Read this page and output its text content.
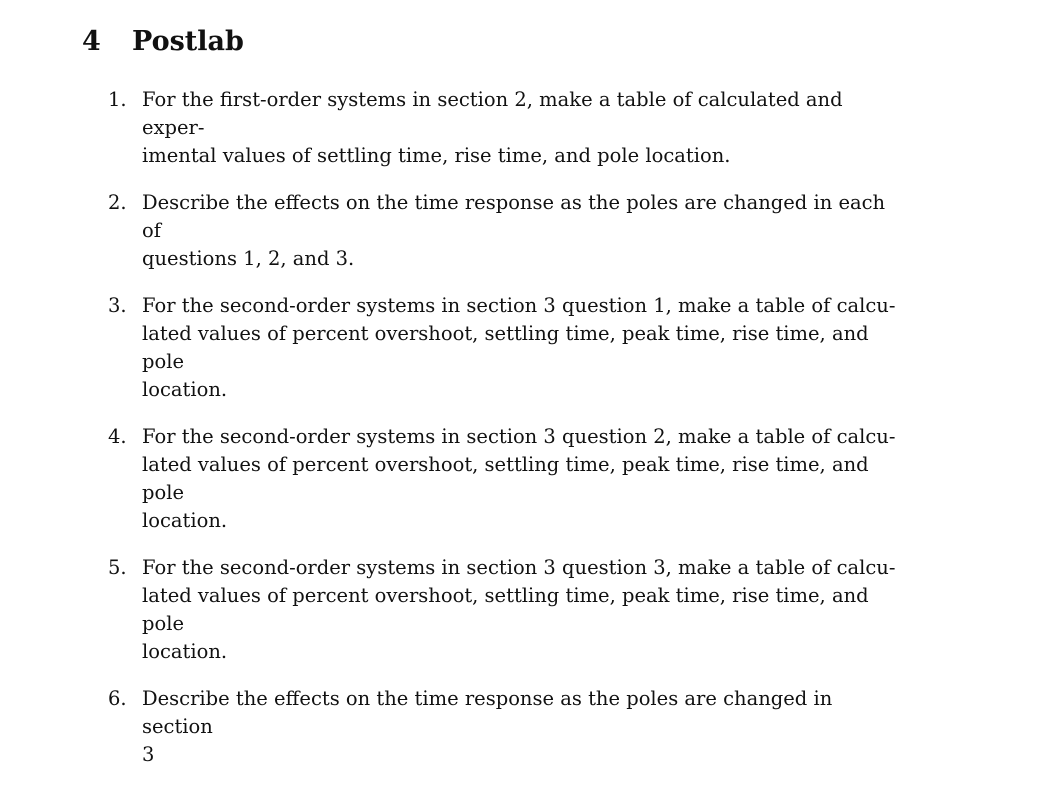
4 Postlab
1. For the first-order systems in section 2, make a table of calculated and exper-
imental values of settling time, rise time, and pole location.
2. Describe the effects on the time response as the poles are changed in each of
questions 1, 2, and 3.
3. For the second-order systems in section 3 question 1, make a table of calcu-
lated values of percent overshoot, settling time, peak time, rise time, and pole
location.
4. For the second-order systems in section 3 question 2, make a table of calcu-
lated values of percent overshoot, settling time, peak time, rise time, and pole
location.
5. For the second-order systems in section 3 question 3, make a table of calcu-
lated values of percent overshoot, settling time, peak time, rise time, and pole
location.
6. Describe the effects on the time response as the poles are changed in section
3
